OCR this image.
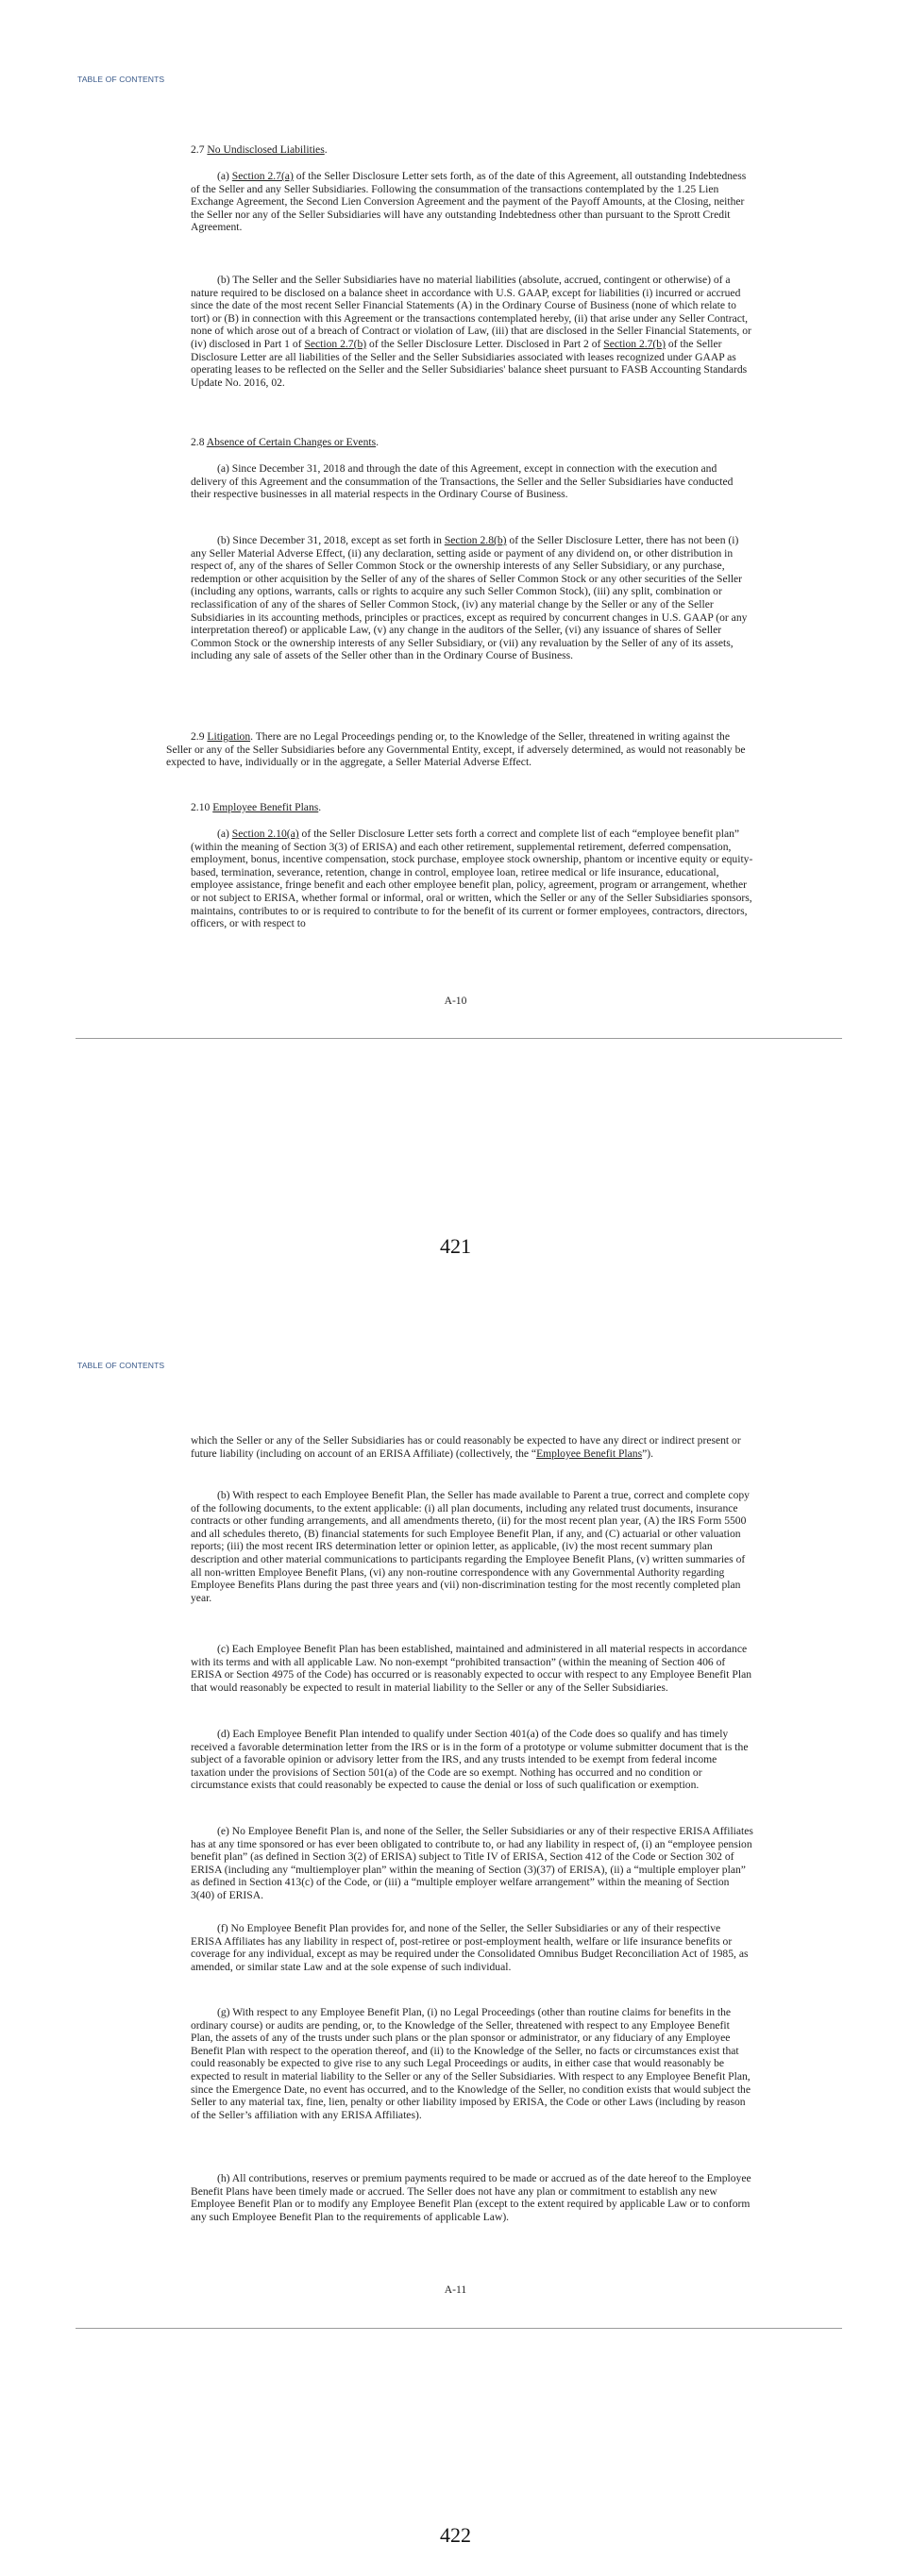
TABLE OF CONTENTS

2.7 No Undisclosed Liabilities.

(a) Section 2.7(a) of the Seller Disclosure Letter sets forth, as of the date of this Agreement, all outstanding Indebtedness of the Seller and any Seller Subsidiaries. Following the consummation of the transactions contemplated by the 1.25 Lien Exchange Agreement, the Second Lien Conversion Agreement and the payment of the Payoff Amounts, at the Closing, neither the Seller nor any of the Seller Subsidiaries will have any outstanding Indebtedness other than pursuant to the Sprott Credit Agreement.

(b) The Seller and the Seller Subsidiaries have no material liabilities (absolute, accrued, contingent or otherwise) of a nature required to be disclosed on a balance sheet in accordance with U.S. GAAP, except for liabilities (i) incurred or accrued since the date of the most recent Seller Financial Statements (A) in the Ordinary Course of Business (none of which relate to tort) or (B) in connection with this Agreement or the transactions contemplated hereby, (ii) that arise under any Seller Contract, none of which arose out of a breach of Contract or violation of Law, (iii) that are disclosed in the Seller Financial Statements, or (iv) disclosed in Part 1 of Section 2.7(b) of the Seller Disclosure Letter. Disclosed in Part 2 of Section 2.7(b) of the Seller Disclosure Letter are all liabilities of the Seller and the Seller Subsidiaries associated with leases recognized under GAAP as operating leases to be reflected on the Seller and the Seller Subsidiaries' balance sheet pursuant to FASB Accounting Standards Update No. 2016, 02.

2.8 Absence of Certain Changes or Events.

(a) Since December 31, 2018 and through the date of this Agreement, except in connection with the execution and delivery of this Agreement and the consummation of the Transactions, the Seller and the Seller Subsidiaries have conducted their respective businesses in all material respects in the Ordinary Course of Business.

(b) Since December 31, 2018, except as set forth in Section 2.8(b) of the Seller Disclosure Letter, there has not been (i) any Seller Material Adverse Effect, (ii) any declaration, setting aside or payment of any dividend on, or other distribution in respect of, any of the shares of Seller Common Stock or the ownership interests of any Seller Subsidiary, or any purchase, redemption or other acquisition by the Seller of any of the shares of Seller Common Stock or any other securities of the Seller (including any options, warrants, calls or rights to acquire any such Seller Common Stock), (iii) any split, combination or reclassification of any of the shares of Seller Common Stock, (iv) any material change by the Seller or any of the Seller Subsidiaries in its accounting methods, principles or practices, except as required by concurrent changes in U.S. GAAP (or any interpretation thereof) or applicable Law, (v) any change in the auditors of the Seller, (vi) any issuance of shares of Seller Common Stock or the ownership interests of any Seller Subsidiary, or (vii) any revaluation by the Seller of any of its assets, including any sale of assets of the Seller other than in the Ordinary Course of Business.

2.9 Litigation. There are no Legal Proceedings pending or, to the Knowledge of the Seller, threatened in writing against the Seller or any of the Seller Subsidiaries before any Governmental Entity, except, if adversely determined, as would not reasonably be expected to have, individually or in the aggregate, a Seller Material Adverse Effect.

2.10 Employee Benefit Plans.

(a) Section 2.10(a) of the Seller Disclosure Letter sets forth a correct and complete list of each “employee benefit plan” (within the meaning of Section 3(3) of ERISA) and each other retirement, supplemental retirement, deferred compensation, employment, bonus, incentive compensation, stock purchase, employee stock ownership, phantom or incentive equity or equity-based, termination, severance, retention, change in control, employee loan, retiree medical or life insurance, educational, employee assistance, fringe benefit and each other employee benefit plan, policy, agreement, program or arrangement, whether or not subject to ERISA, whether formal or informal, oral or written, which the Seller or any of the Seller Subsidiaries sponsors, maintains, contributes to or is required to contribute to for the benefit of its current or former employees, contractors, directors, officers, or with respect to

A-10
421
TABLE OF CONTENTS

which the Seller or any of the Seller Subsidiaries has or could reasonably be expected to have any direct or indirect present or future liability (including on account of an ERISA Affiliate) (collectively, the “Employee Benefit Plans”).

(b) With respect to each Employee Benefit Plan, the Seller has made available to Parent a true, correct and complete copy of the following documents, to the extent applicable: (i) all plan documents, including any related trust documents, insurance contracts or other funding arrangements, and all amendments thereto, (ii) for the most recent plan year, (A) the IRS Form 5500 and all schedules thereto, (B) financial statements for such Employee Benefit Plan, if any, and (C) actuarial or other valuation reports; (iii) the most recent IRS determination letter or opinion letter, as applicable, (iv) the most recent summary plan description and other material communications to participants regarding the Employee Benefit Plans, (v) written summaries of all non-written Employee Benefit Plans, (vi) any non-routine correspondence with any Governmental Authority regarding Employee Benefits Plans during the past three years and (vii) non-discrimination testing for the most recently completed plan year.

(c) Each Employee Benefit Plan has been established, maintained and administered in all material respects in accordance with its terms and with all applicable Law. No non-exempt “prohibited transaction” (within the meaning of Section 406 of ERISA or Section 4975 of the Code) has occurred or is reasonably expected to occur with respect to any Employee Benefit Plan that would reasonably be expected to result in material liability to the Seller or any of the Seller Subsidiaries.

(d) Each Employee Benefit Plan intended to qualify under Section 401(a) of the Code does so qualify and has timely received a favorable determination letter from the IRS or is in the form of a prototype or volume submitter document that is the subject of a favorable opinion or advisory letter from the IRS, and any trusts intended to be exempt from federal income taxation under the provisions of Section 501(a) of the Code are so exempt. Nothing has occurred and no condition or circumstance exists that could reasonably be expected to cause the denial or loss of such qualification or exemption.

(e) No Employee Benefit Plan is, and none of the Seller, the Seller Subsidiaries or any of their respective ERISA Affiliates has at any time sponsored or has ever been obligated to contribute to, or had any liability in respect of, (i) an “employee pension benefit plan” (as defined in Section 3(2) of ERISA) subject to Title IV of ERISA, Section 412 of the Code or Section 302 of ERISA (including any “multiemployer plan” within the meaning of Section (3)(37) of ERISA), (ii) a “multiple employer plan” as defined in Section 413(c) of the Code, or (iii) a “multiple employer welfare arrangement” within the meaning of Section 3(40) of ERISA.

(f) No Employee Benefit Plan provides for, and none of the Seller, the Seller Subsidiaries or any of their respective ERISA Affiliates has any liability in respect of, post-retiree or post-employment health, welfare or life insurance benefits or coverage for any individual, except as may be required under the Consolidated Omnibus Budget Reconciliation Act of 1985, as amended, or similar state Law and at the sole expense of such individual.

(g) With respect to any Employee Benefit Plan, (i) no Legal Proceedings (other than routine claims for benefits in the ordinary course) or audits are pending, or, to the Knowledge of the Seller, threatened with respect to any Employee Benefit Plan, the assets of any of the trusts under such plans or the plan sponsor or administrator, or any fiduciary of any Employee Benefit Plan with respect to the operation thereof, and (ii) to the Knowledge of the Seller, no facts or circumstances exist that could reasonably be expected to give rise to any such Legal Proceedings or audits, in either case that would reasonably be expected to result in material liability to the Seller or any of the Seller Subsidiaries. With respect to any Employee Benefit Plan, since the Emergence Date, no event has occurred, and to the Knowledge of the Seller, no condition exists that would subject the Seller to any material tax, fine, lien, penalty or other liability imposed by ERISA, the Code or other Laws (including by reason of the Seller’s affiliation with any ERISA Affiliates).

(h) All contributions, reserves or premium payments required to be made or accrued as of the date hereof to the Employee Benefit Plans have been timely made or accrued. The Seller does not have any plan or commitment to establish any new Employee Benefit Plan or to modify any Employee Benefit Plan (except to the extent required by applicable Law or to conform any such Employee Benefit Plan to the requirements of applicable Law).

A-11
422
